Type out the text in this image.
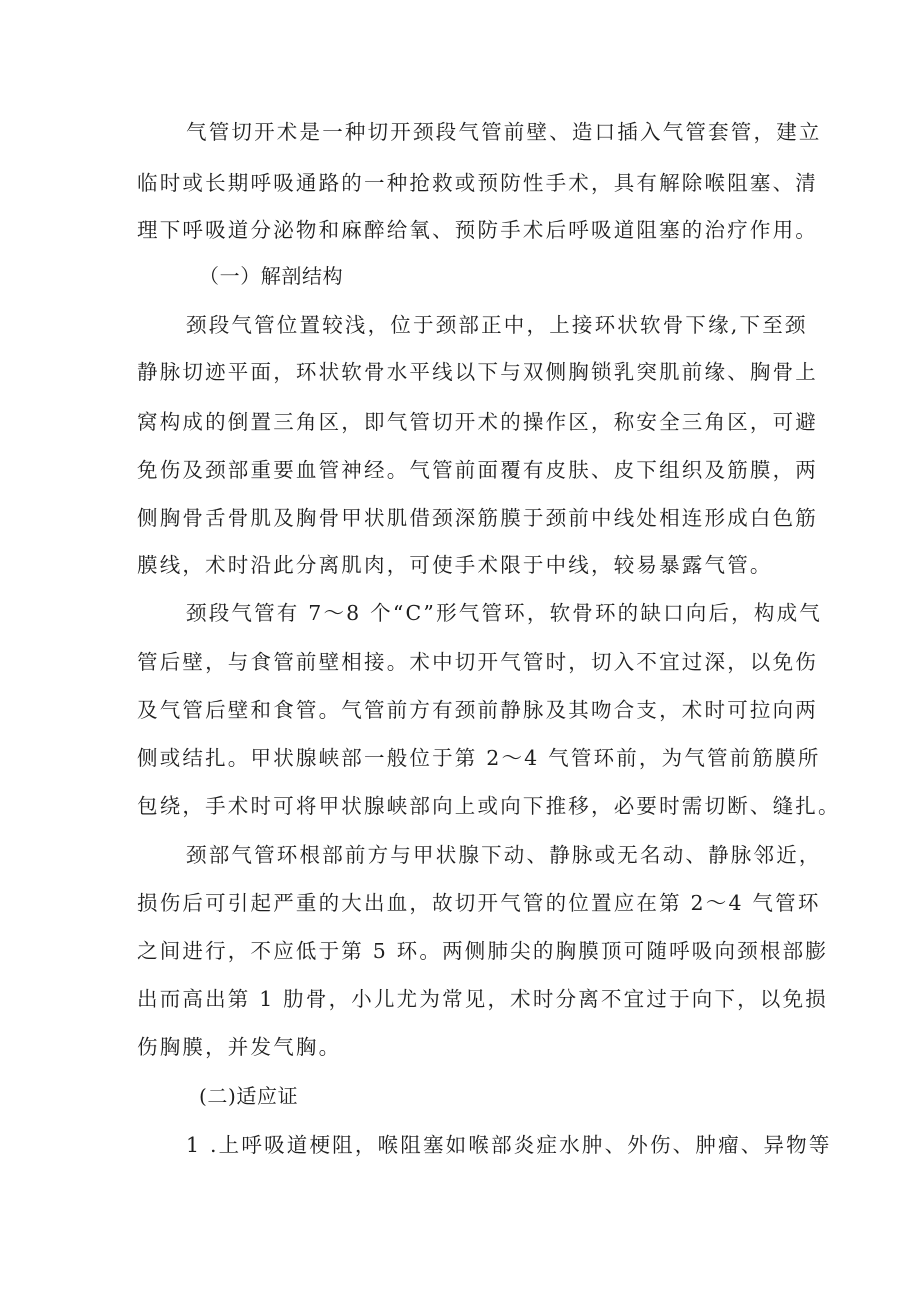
气管切开术是一种切开颈段气管前壁、造口插入气管套管，建立
临时或长期呼吸通路的一种抢救或预防性手术，具有解除喉阻塞、清
理下呼吸道分泌物和麻醉给氧、预防手术后呼吸道阻塞的治疗作用。
（一）解剖结构
颈段气管位置较浅，位于颈部正中，上接环状软骨下缘,下至颈
静脉切迹平面，环状软骨水平线以下与双侧胸锁乳突肌前缘、胸骨上
窝构成的倒置三角区，即气管切开术的操作区，称安全三角区，可避
免伤及颈部重要血管神经。气管前面覆有皮肤、皮下组织及筋膜，两
侧胸骨舌骨肌及胸骨甲状肌借颈深筋膜于颈前中线处相连形成白色筋
膜线，术时沿此分离肌肉，可使手术限于中线，较易暴露气管。
颈段气管有 7～8 个“C”形气管环，软骨环的缺口向后，构成气
管后壁，与食管前壁相接。术中切开气管时，切入不宜过深，以免伤
及气管后壁和食管。气管前方有颈前静脉及其吻合支，术时可拉向两
侧或结扎。甲状腺峡部一般位于第 2～4 气管环前，为气管前筋膜所
包绕，手术时可将甲状腺峡部向上或向下推移，必要时需切断、缝扎。
颈部气管环根部前方与甲状腺下动、静脉或无名动、静脉邻近，
损伤后可引起严重的大出血，故切开气管的位置应在第 2～4 气管环
之间进行，不应低于第 5 环。两侧肺尖的胸膜顶可随呼吸向颈根部膨
出而高出第 1 肋骨，小儿尤为常见，术时分离不宜过于向下，以免损
伤胸膜，并发气胸。
(二)适应证
1 .上呼吸道梗阻，喉阻塞如喉部炎症水肿、外伤、肿瘤、异物等
